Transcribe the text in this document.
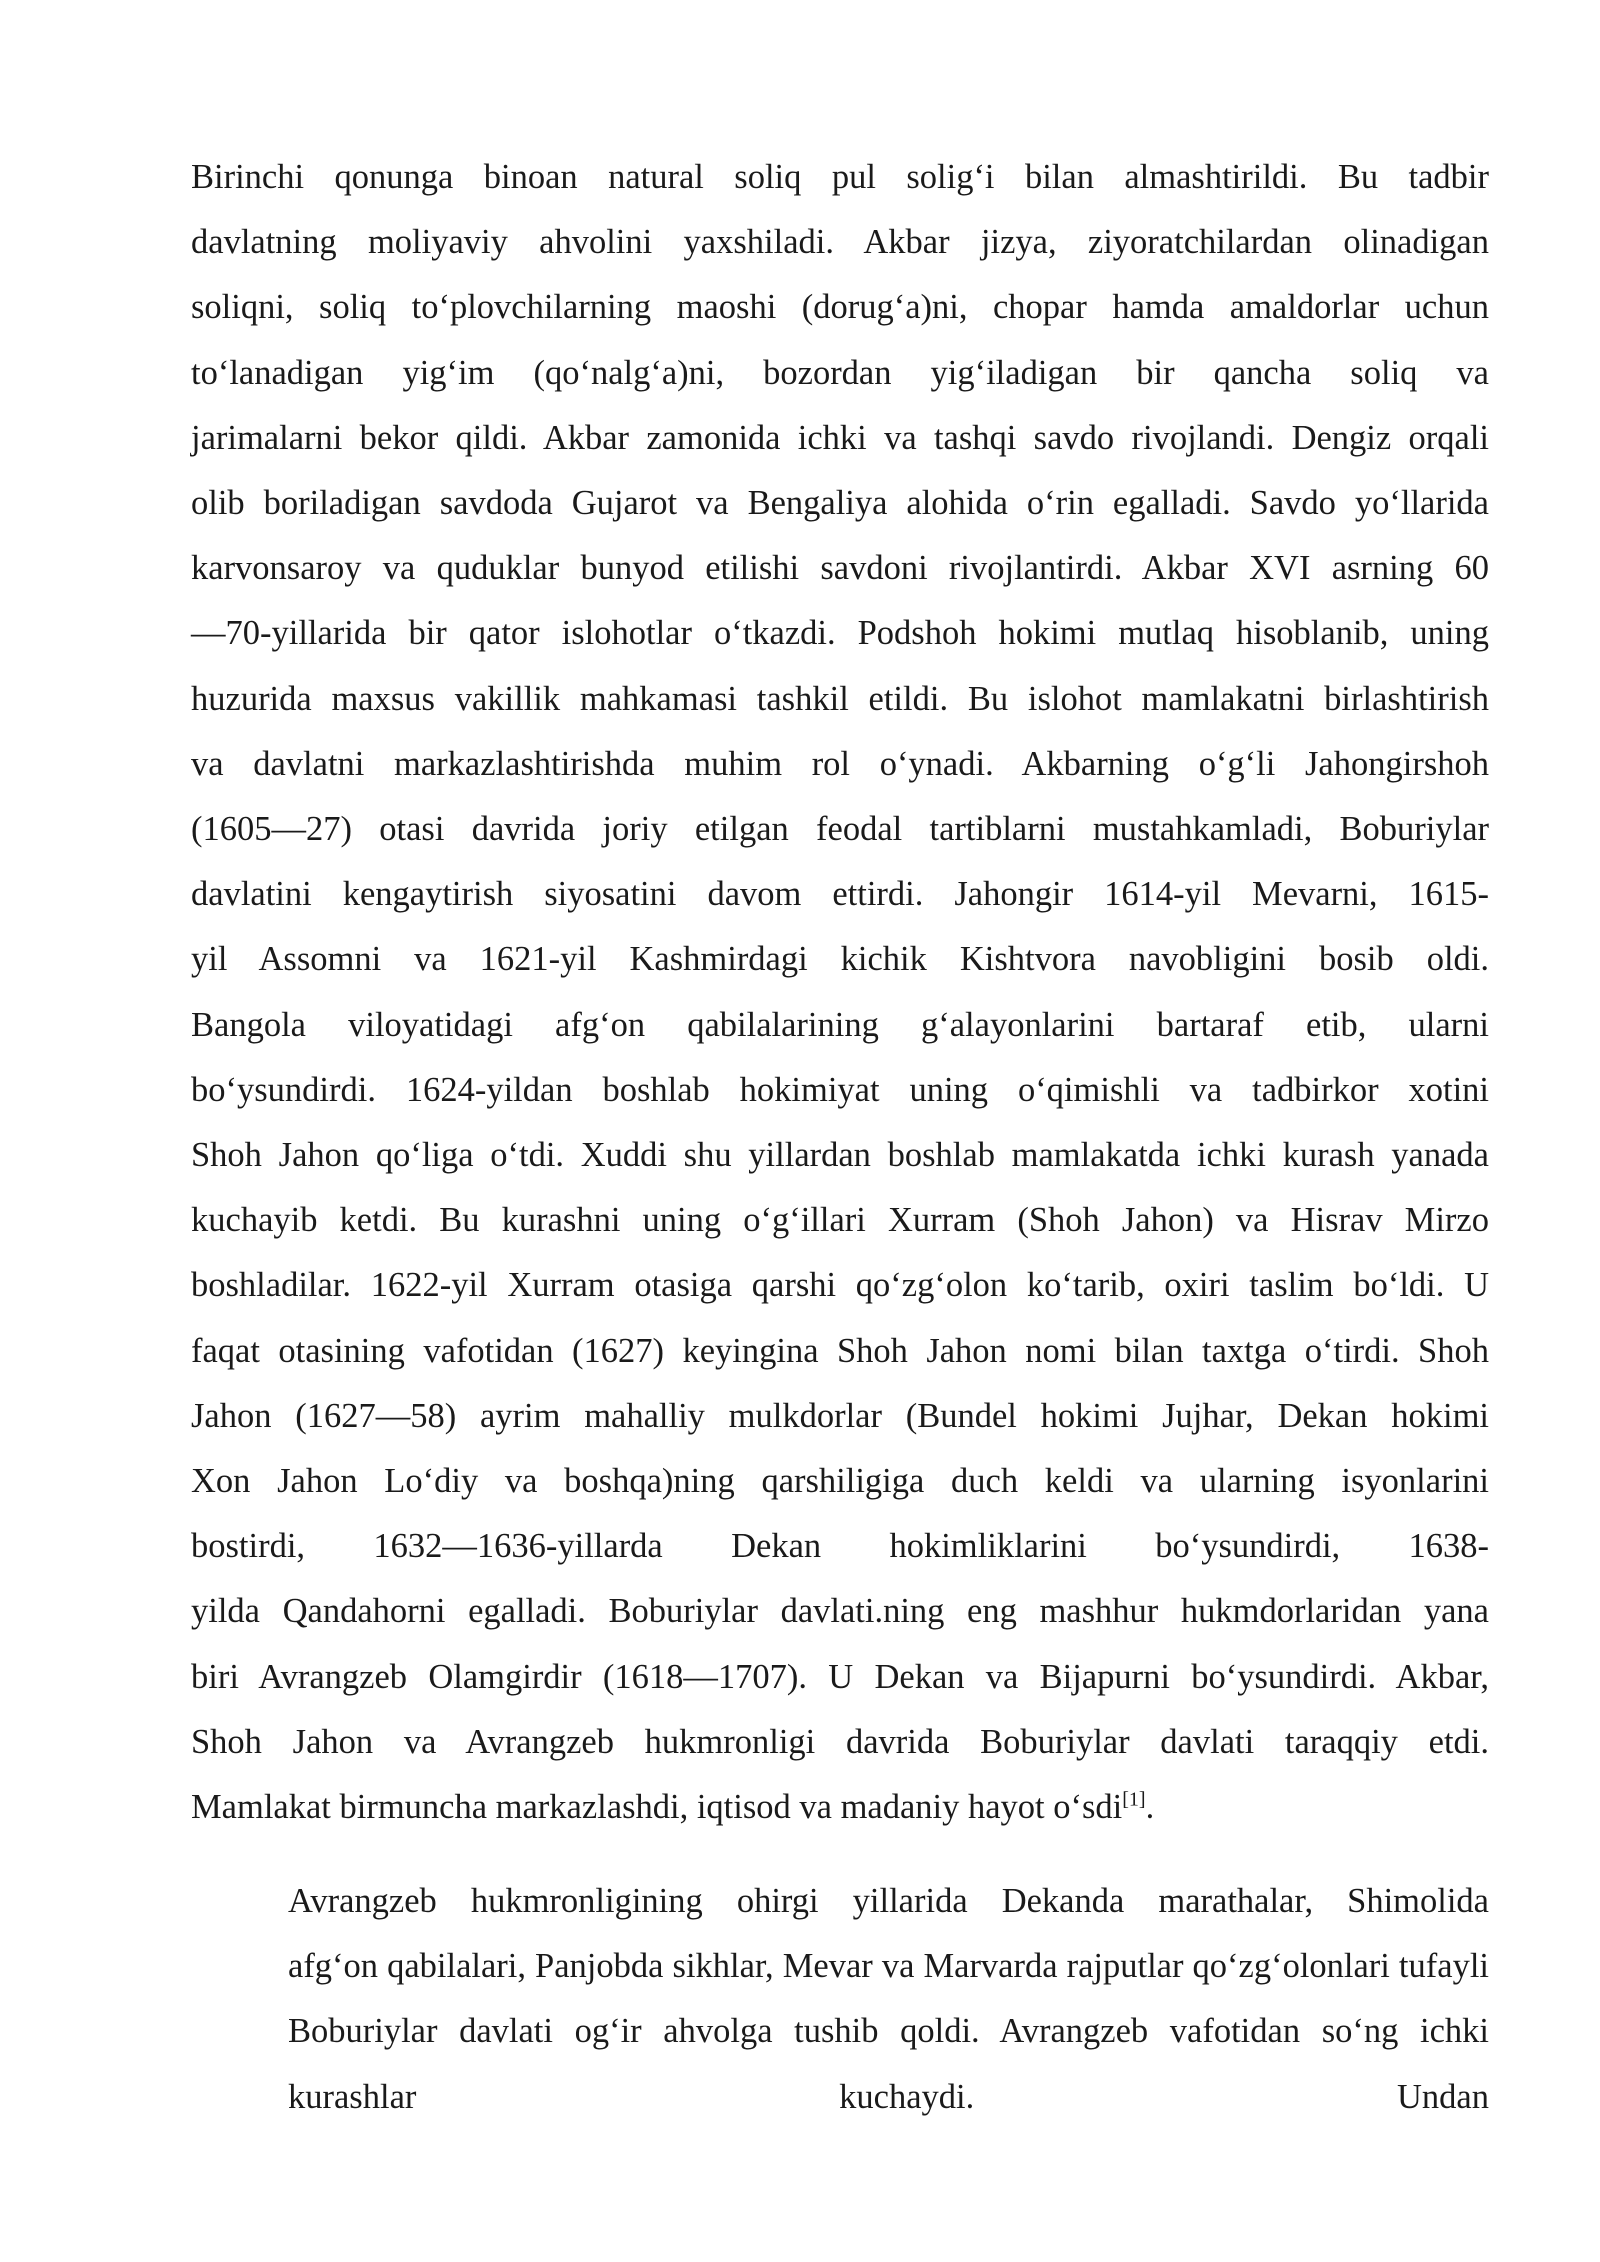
Birinchi qonunga binoan natural soliq pul solig‘i bilan almashtirildi. Bu tadbir
davlatning moliyaviy ahvolini yaxshiladi. Akbar jizya, ziyoratchilardan olinadigan
soliqni, soliq to‘plovchilarning maoshi (dorug‘a)ni, chopar hamda amaldorlar uchun
to‘lanadigan yig‘im (qo‘nalg‘a)ni, bozordan yig‘iladigan bir qancha soliq va
jarimalarni bekor qildi. Akbar zamonida ichki va tashqi savdo rivojlandi. Dengiz orqali
olib boriladigan savdoda Gujarot va Bengaliya alohida o‘rin egalladi. Savdo yo‘llarida
karvonsaroy va quduklar bunyod etilishi savdoni rivojlantirdi. Akbar XVI asrning 60
—70-yillarida bir qator islohotlar o‘tkazdi. Podshoh hokimi mutlaq hisoblanib, uning
huzurida maxsus vakillik mahkamasi tashkil etildi. Bu islohot mamlakatni birlashtirish
va davlatni markazlashtirishda muhim rol o‘ynadi. Akbarning o‘g‘li Jahongirshoh
(1605—27) otasi davrida joriy etilgan feodal tartiblarni mustahkamladi, Boburiylar
davlatini kengaytirish siyosatini davom ettirdi. Jahongir 1614-yil Mevarni, 1615-
yil Assomni va 1621-yil Kashmirdagi kichik Kishtvora navobligini bosib oldi.
Bangola viloyatidagi afg‘on qabilalarining g‘alayonlarini bartaraf etib, ularni
bo‘ysundirdi. 1624-yildan boshlab hokimiyat uning o‘qimishli va tadbirkor xotini
Shoh Jahon qo‘liga o‘tdi. Xuddi shu yillardan boshlab mamlakatda ichki kurash yanada
kuchayib ketdi. Bu kurashni uning o‘g‘illari Xurram (Shoh Jahon) va Hisrav Mirzo
boshladilar. 1622-yil Xurram otasiga qarshi qo‘zg‘olon ko‘tarib, oxiri taslim bo‘ldi. U
faqat otasining vafotidan (1627) keyingina Shoh Jahon nomi bilan taxtga o‘tirdi. Shoh
Jahon (1627—58) ayrim mahalliy mulkdorlar (Bundel hokimi Jujhar, Dekan hokimi
Xon Jahon Lo‘diy va boshqa)ning qarshiligiga duch keldi va ularning isyonlarini
bostirdi, 1632—1636-yillarda Dekan hokimliklarini bo‘ysundirdi, 1638-
yilda Qandahorni egalladi. Boburiylar davlati.ning eng mashhur hukmdorlaridan yana
biri Avrangzeb Olamgirdir (1618—1707). U Dekan va Bijapurni bo‘ysundirdi. Akbar,
Shoh Jahon va Avrangzeb hukmronligi davrida Boburiylar davlati taraqqiy etdi.
Mamlakat birmuncha markazlashdi, iqtisod va madaniy hayot o‘sdi[1].
Avrangzeb hukmronligining ohirgi yillarida Dekanda marathalar, Shimolida
afg‘on qabilalari, Panjobda sikhlar, Mevar va Marvarda rajputlar qo‘zg‘olonlari tufayli
Boburiylar davlati og‘ir ahvolga tushib qoldi. Avrangzeb vafotidan so‘ng ichki
kurashlar kuchaydi. Undan
